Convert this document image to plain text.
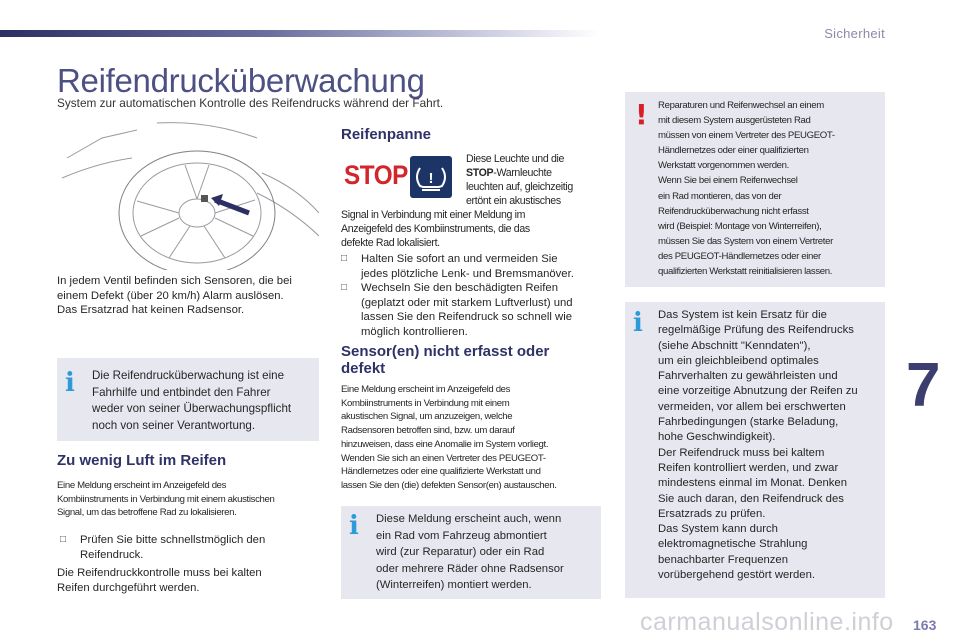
Sicherheit
7
Reifendrucküberwachung
System zur automatischen Kontrolle des Reifendrucks während der Fahrt.
In jedem Ventil befinden sich Sensoren, die bei
einem Defekt (über 20 km/h) Alarm auslösen.
Das Ersatzrad hat keinen Radsensor.
i Die Reifendrucküberwachung ist eine
Fahrhilfe und entbindet den Fahrer
weder von seiner Überwachungspflicht
noch von seiner Verantwortung.
Zu wenig Luft im Reifen
Eine Meldung erscheint im Anzeigefeld des
Kombiinstruments in Verbindung mit einem akustischen
Signal, um das betroffene Rad zu lokalisieren.
□ Prüfen Sie bitte schnellstmöglich den
Reifendruck.
Die Reifendruckkontrolle muss bei kalten
Reifen durchgeführt werden.
Reifenpanne
STOP !
Diese Leuchte und die
STOP-Warnleuchte
leuchten auf, gleichzeitig
ertönt ein akustisches
Signal in Verbindung mit einer Meldung im
Anzeigefeld des Kombiinstruments, die das
defekte Rad lokalisiert.
□ Halten Sie sofort an und vermeiden Sie
jedes plötzliche Lenk- und Bremsmanöver.
□ Wechseln Sie den beschädigten Reifen
(geplatzt oder mit starkem Luftverlust) und
lassen Sie den Reifendruck so schnell wie
möglich kontrollieren.
Sensor(en) nicht erfasst oder
defekt
Eine Meldung erscheint im Anzeigefeld des
Kombiinstruments in Verbindung mit einem
akustischen Signal, um anzuzeigen, welche
Radsensoren betroffen sind, bzw. um darauf
hinzuweisen, dass eine Anomalie im System vorliegt.
Wenden Sie sich an einen Vertreter des PEUGEOT-
Händlernetzes oder eine qualifizierte Werkstatt und
lassen Sie den (die) defekten Sensor(en) austauschen.
i Diese Meldung erscheint auch, wenn
ein Rad vom Fahrzeug abmontiert
wird (zur Reparatur) oder ein Rad
oder mehrere Räder ohne Radsensor
(Winterreifen) montiert werden.
! Reparaturen und Reifenwechsel an einem
mit diesem System ausgerüsteten Rad
müssen von einem Vertreter des PEUGEOT-
Händlernetzes oder einer qualifizierten
Werkstatt vorgenommen werden.
Wenn Sie bei einem Reifenwechsel
ein Rad montieren, das von der
Reifendrucküberwachung nicht erfasst
wird (Beispiel: Montage von Winterreifen),
müssen Sie das System von einem Vertreter
des PEUGEOT-Händlernetzes oder einer
qualifizierten Werkstatt reinitialisieren lassen.
i Das System ist kein Ersatz für die
regelmäßige Prüfung des Reifendrucks
(siehe Abschnitt "Kenndaten"),
um ein gleichbleibend optimales
Fahrverhalten zu gewährleisten und
eine vorzeitige Abnutzung der Reifen zu
vermeiden, vor allem bei erschwerten
Fahrbedingungen (starke Beladung,
hohe Geschwindigkeit).
Der Reifendruck muss bei kaltem
Reifen kontrolliert werden, und zwar
mindestens einmal im Monat. Denken
Sie auch daran, den Reifendruck des
Ersatzrads zu prüfen.
Das System kann durch
elektromagnetische Strahlung
benachbarter Frequenzen
vorübergehend gestört werden.
carmanualsonline.info 163
